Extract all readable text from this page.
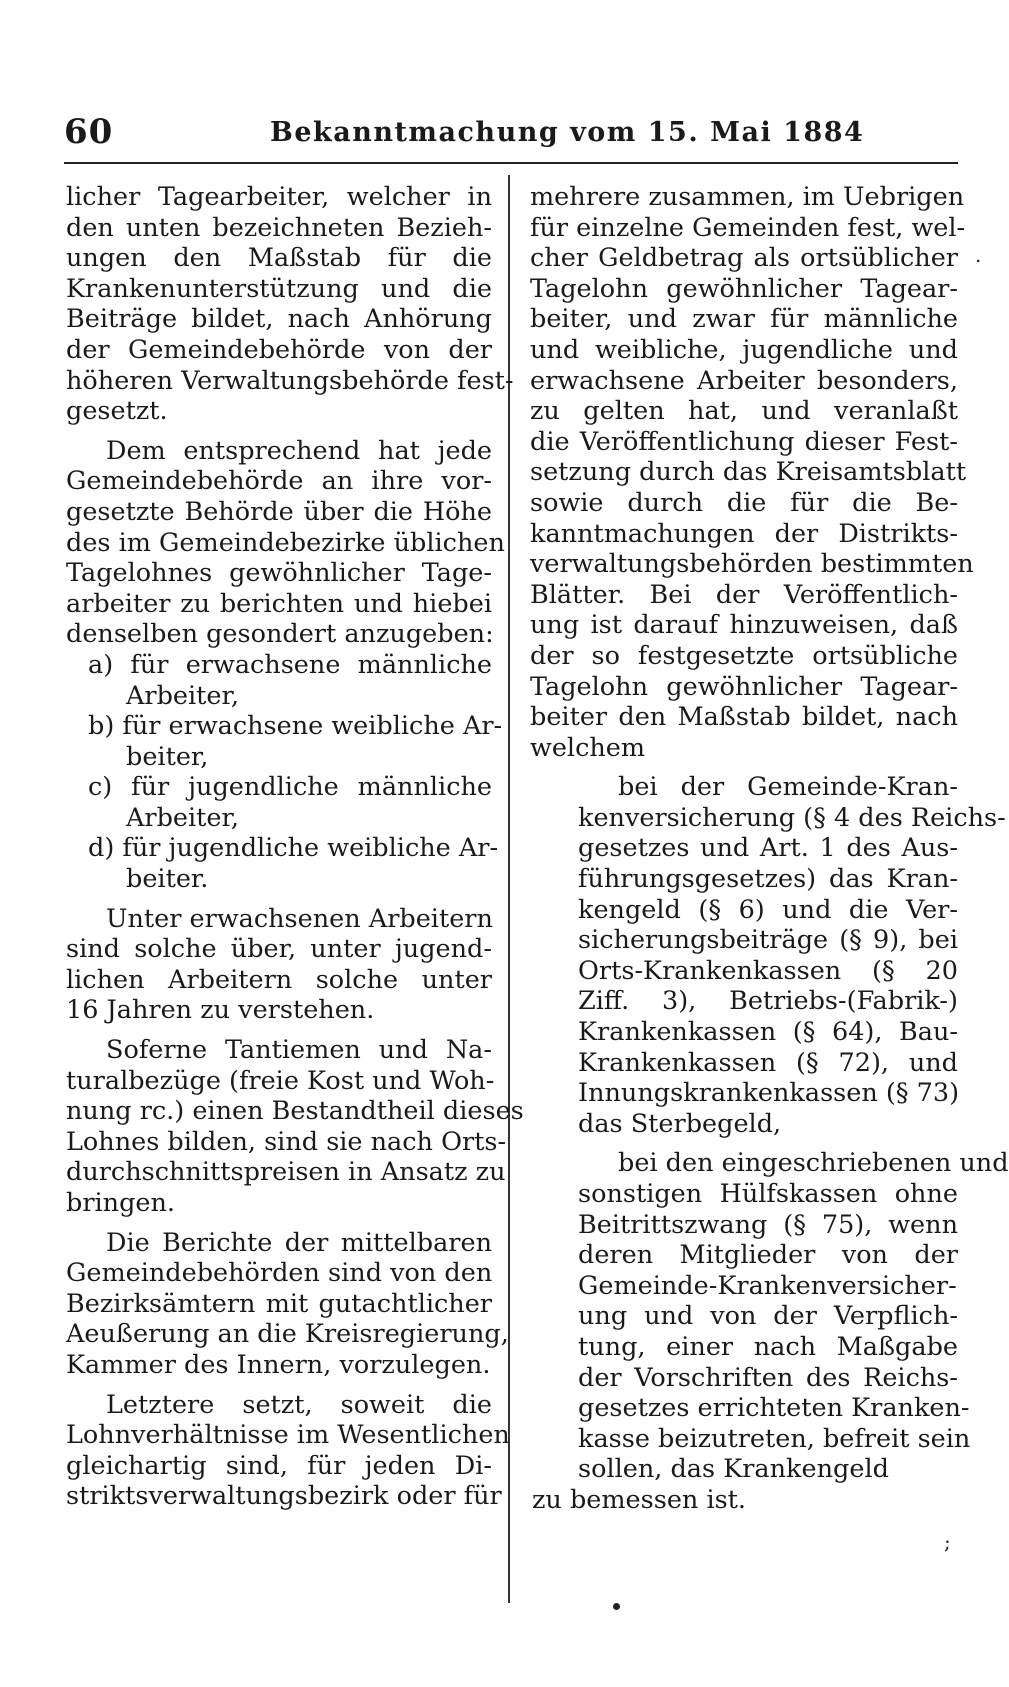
60	Bekanntmachung vom 15. Mai 1884
licher Tagearbeiter, welcher in
den unten bezeichneten Bezieh-
ungen den Maßstab für die
Krankenunterstützung und die
Beiträge bildet, nach Anhörung
der Gemeindebehörde von der
höheren Verwaltungsbehörde fest-
gesetzt.
Dem entsprechend hat jede
Gemeindebehörde an ihre vor-
gesetzte Behörde über die Höhe
des im Gemeindebezirke üblichen
Tagelohnes gewöhnlicher Tage-
arbeiter zu berichten und hiebei
denselben gesondert anzugeben:
a) für erwachsene männliche
Arbeiter,
b) für erwachsene weibliche Ar-
beiter,
c) für jugendliche männliche
Arbeiter,
d) für jugendliche weibliche Ar-
beiter.
Unter erwachsenen Arbeitern
sind solche über, unter jugend-
lichen Arbeitern solche unter
16 Jahren zu verstehen.
Soferne Tantiemen und Na-
turalbezüge (freie Kost und Woh-
nung rc.) einen Bestandtheil dieses
Lohnes bilden, sind sie nach Orts-
durchschnittspreisen in Ansatz zu
bringen.
Die Berichte der mittelbaren
Gemeindebehörden sind von den
Bezirksämtern mit gutachtlicher
Aeußerung an die Kreisregierung,
Kammer des Innern, vorzulegen.
Letztere setzt, soweit die
Lohnverhältnisse im Wesentlichen
gleichartig sind, für jeden Di-
striktsverwaltungsbezirk oder für
mehrere zusammen, im Uebrigen
für einzelne Gemeinden fest, wel-
cher Geldbetrag als ortsüblicher
Tagelohn gewöhnlicher Tagear-
beiter, und zwar für männliche
und weibliche, jugendliche und
erwachsene Arbeiter besonders,
zu gelten hat, und veranlaßt
die Veröffentlichung dieser Fest-
setzung durch das Kreisamtsblatt
sowie durch die für die Be-
kanntmachungen der Distrikts-
verwaltungsbehörden bestimmten
Blätter. Bei der Veröffentlich-
ung ist darauf hinzuweisen, daß
der so festgesetzte ortsübliche
Tagelohn gewöhnlicher Tagear-
beiter den Maßstab bildet, nach
welchem
bei der Gemeinde-Kran-
kenversicherung (§ 4 des Reichs-
gesetzes und Art. 1 des Aus-
führungsgesetzes) das Kran-
kengeld (§ 6) und die Ver-
sicherungsbeiträge (§ 9), bei
Orts-Krankenkassen (§ 20
Ziff. 3), Betriebs-(Fabrik-)
Krankenkassen (§ 64), Bau-
Krankenkassen (§ 72), und
Innungskrankenkassen (§ 73)
das Sterbegeld,
bei den eingeschriebenen und
sonstigen Hülfskassen ohne
Beitrittszwang (§ 75), wenn
deren Mitglieder von der
Gemeinde-Krankenversicher-
ung und von der Verpflich-
tung, einer nach Maßgabe
der Vorschriften des Reichs-
gesetzes errichteten Kranken-
kasse beizutreten, befreit sein
sollen, das Krankengeld
zu bemessen ist.
;
.
